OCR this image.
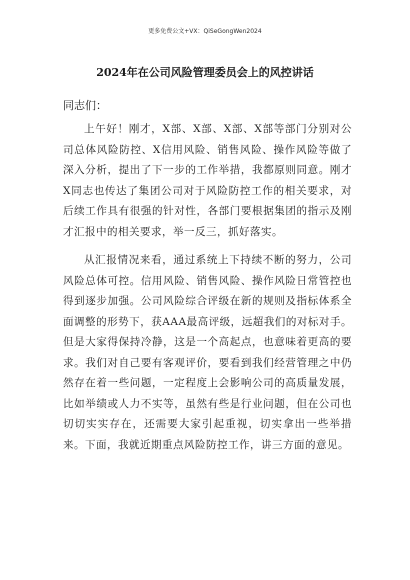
更多免费公文+VX：QiSeGongWen2024
2024年在公司风险管理委员会上的风控讲话
同志们：

上午好！刚才，X部、X部、X部、X部等部门分别对公司总体风险防控、X信用风险、销售风险、操作风险等做了深入分析，提出了下一步的工作举措，我都原则同意。刚才X同志也传达了集团公司对于风险防控工作的相关要求，对后续工作具有很强的针对性，各部门要根据集团的指示及刚才汇报中的相关要求，举一反三，抓好落实。

从汇报情况来看，通过系统上下持续不断的努力，公司风险总体可控。信用风险、销售风险、操作风险日常管控也得到逐步加强。公司风险综合评级在新的规则及指标体系全面调整的形势下，获AAA最高评级，远超我们的对标对手。但是大家得保持冷静，这是一个高起点，也意味着更高的要求。我们对自己要有客观评价，要看到我们经营管理之中仍然存在着一些问题，一定程度上会影响公司的高质量发展，比如举绩或人力不实等，虽然有些是行业问题，但在公司也切切实实存在，还需要大家引起重视，切实拿出一些举措来。下面，我就近期重点风险防控工作，讲三方面的意见。
